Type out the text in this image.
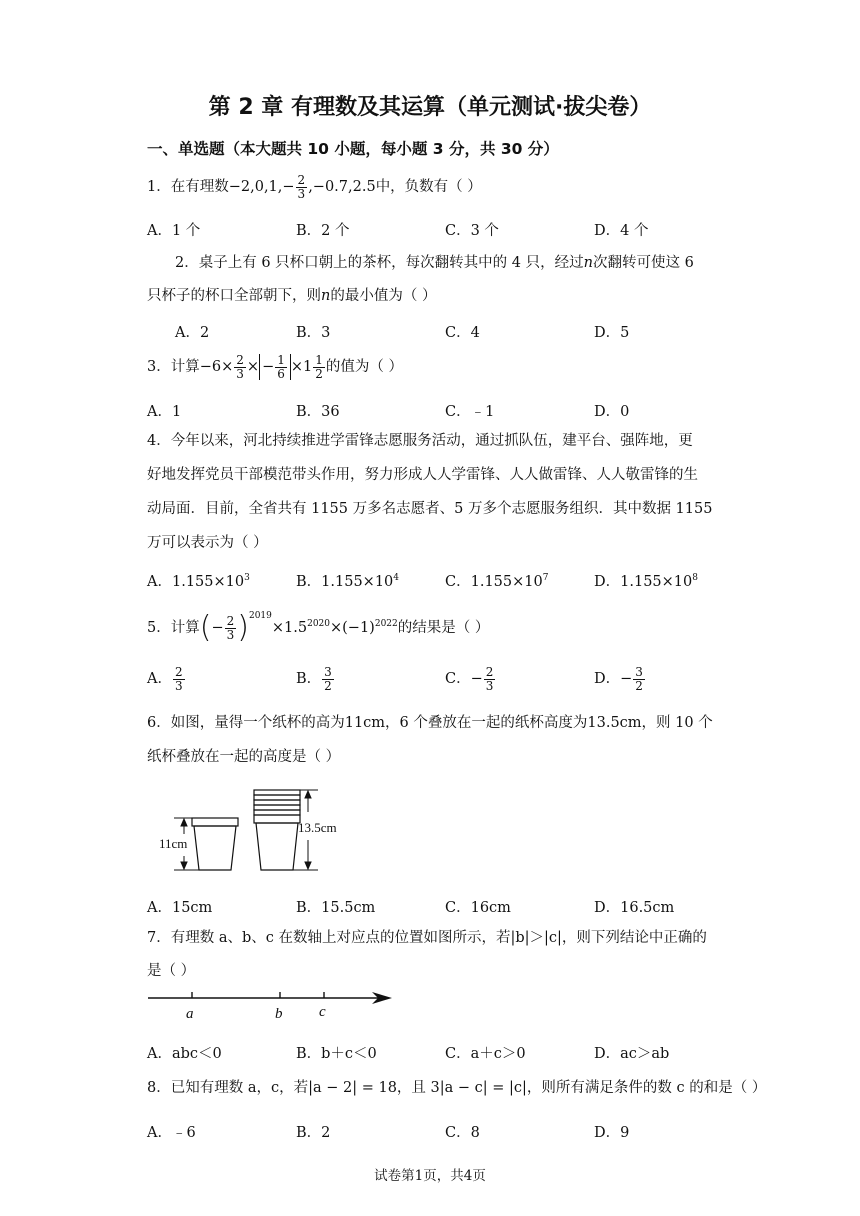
第 2 章 有理数及其运算（单元测试·拔尖卷）
一、单选题（本大题共 10 小题，每小题 3 分，共 30 分）
1．在有理数$-2,0,1,- \frac{2}{3} ,-0.7,2.5$中，负数有（ ）
A．1 个	B．2 个	C．3 个	D．4 个
2．桌子上有 6 只杯口朝上的茶杯，每次翻转其中的 4 只，经过n次翻转可使这 6
只杯子的杯口全部朝下，则n的最小值为（ ）
A．2	B．3	C．4	D．5
3．计算$-6\times \frac{2}{3}$ × − $\frac{1}{6} \times 1 \frac{1}{2}$ 的值为（ ）
A．1	B．36	C．﹣1	D．0
4．今年以来，河北持续推进学雷锋志愿服务活动，通过抓队伍，建平台、强阵地，更
好地发挥党员干部模范带头作用，努力形成人人学雷锋、人人做雷锋、人人敬雷锋的生
动局面．目前，全省共有 1155 万多名志愿者、5 万多个志愿服务组织．其中数据 1155
万可以表示为（ ）
A．$1.155\times 10^3$	B．$1.155\times 10^4$	C．$1.155\times 10^7$	D．$1.155\times 10^8$
5．计算(− $\frac{2}{3} )^{2019}\times 1.5^{2020}\times(-1)^{2022}$的结果是（ ）
A． $\frac{2}{3}$	B． $\frac{3}{2}$	C．− $\frac{2}{3}$	D．− $\frac{3}{2}$
6．如图，量得一个纸杯的高为11cm，6 个叠放在一起的纸杯高度为13.5cm，则 10 个
纸杯叠放在一起的高度是（ ）
11cm
13.5cm
A．15cm	B．15.5cm	C．16cm	D．16.5cm
7．有理数 a、b、c 在数轴上对应点的位置如图所示，若|b|＞|c|，则下列结论中正确的
是（ ）
a	b c
A．abc＜0	B．b＋c＜0	C．a＋c＞0	D．ac＞ab
8．已知有理数 a，c，若|a − 2| = 18，且 3|a − c| = |c|，则所有满足条件的数 c 的和是（ ）
A．﹣6	B．2	C．8	D．9
试卷第1页，共4页
